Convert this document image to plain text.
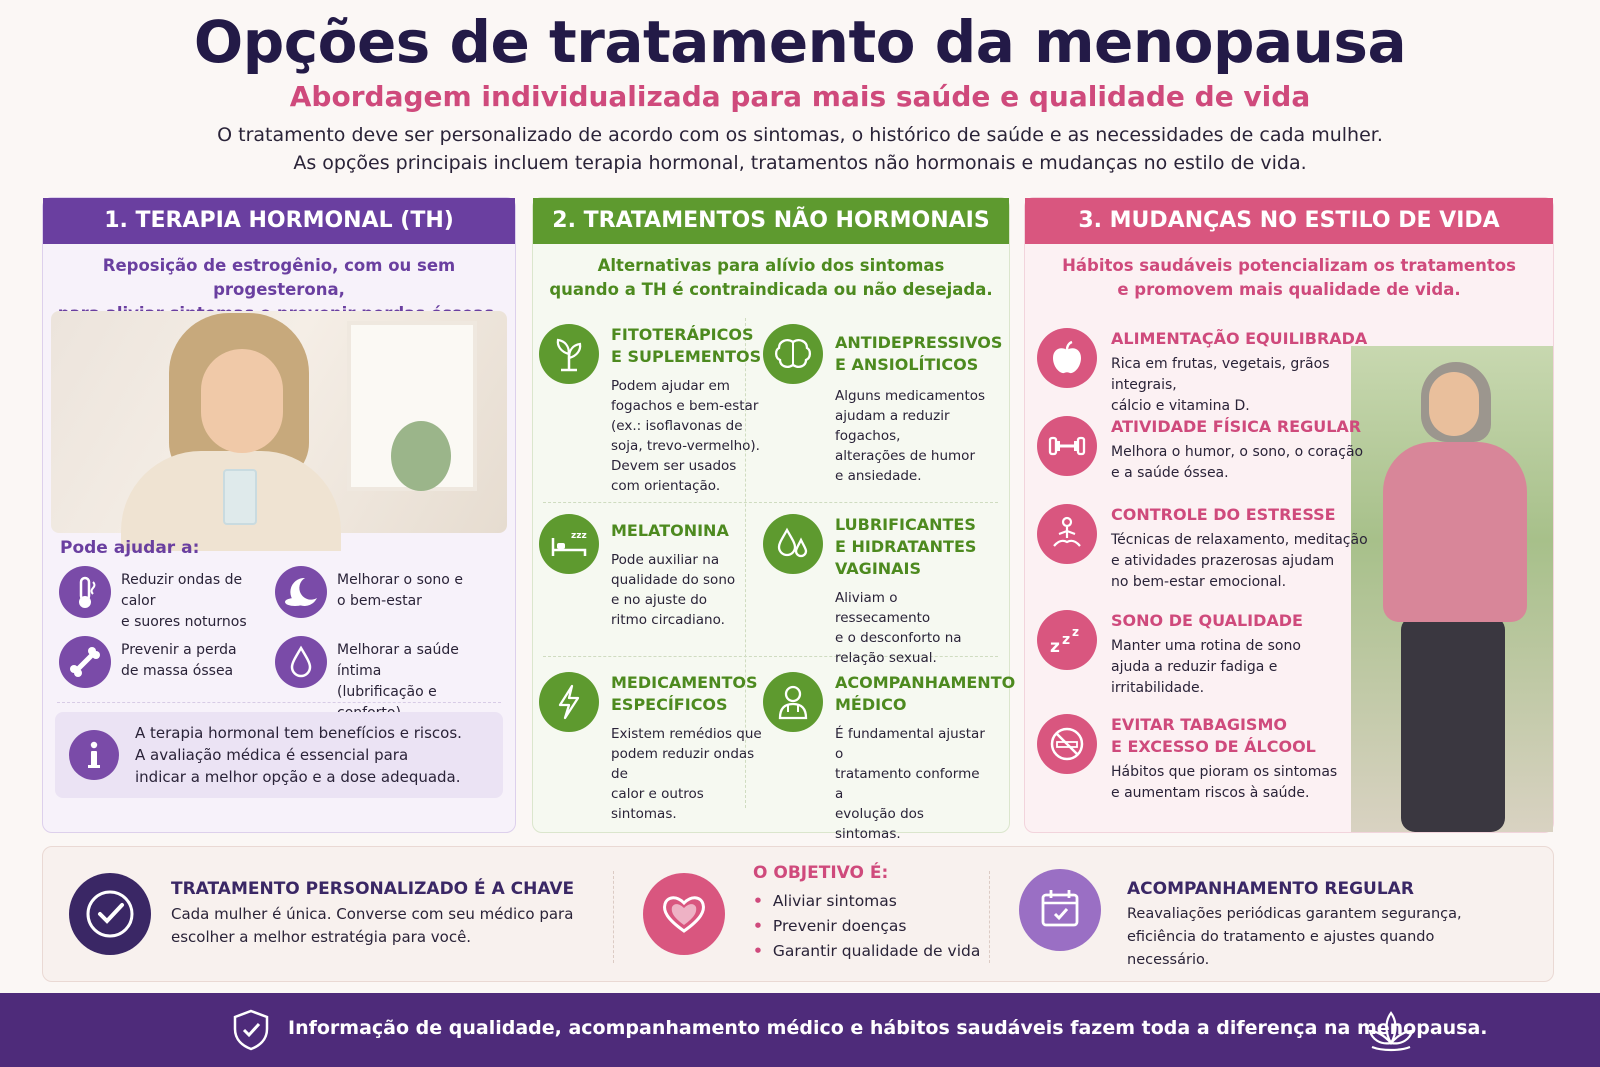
Opções de tratamento da menopausa
Abordagem individualizada para mais saúde e qualidade de vida

O tratamento deve ser personalizado de acordo com os sintomas, o histórico de saúde e as necessidades de cada mulher.

As opções principais incluem terapia hormonal, tratamentos não hormonais e mudanças no estilo de vida.

1. TERAPIA HORMONAL (TH)
Reposição de estrogênio, com ou sem progesterona,
Pode ajudar a:
Reduzir ondas de calor
e suores noturnos
Melhorar o sono e
o bem-estar
Prevenir a perda
de massa óssea
Melhorar a saúde íntima
(lubrificação e
A terapia hormonal tem benefícios e riscos.
A avaliação médica é essencial para
indicar a melhor opção e a dose adequada.
2. TRATAMENTOS NÃO HORMONAIS
Alternativas para alívio dos sintomas
quando a TH é contraindicada ou não desejada.
FITOTERÁPICOS
E SUPLEMENTOS
Podem ajudar em
fogachos e bem-estar
(ex.: isoflavonas de
soja, trevo-vermelho).
Devem ser usados
com orientação.
ANTIDEPRESSIVOS
E ANSIOLÍTICOS
Alguns medicamentos
ajudam a reduzir fogachos,
alterações de humor
e ansiedade.
zzz MELATONINA
Pode auxiliar na
qualidade do sono
e no ajuste do
ritmo circadiano.
LUBRIFICANTES
E HIDRATANTES
VAGINAIS
Aliviam o ressecamento
e o desconforto na
relação sexual.
MEDICAMENTOS
ESPECÍFICOS
Existem remédios que
podem reduzir ondas de
calor e outros sintomas.
ACOMPANHAMENTO
MÉDICO
É fundamental ajustar o
tratamento conforme a
evolução dos sintomas.
3. MUDANÇAS NO ESTILO DE VIDA
Hábitos saudáveis potencializam os tratamentos
e promovem mais qualidade de vida.
ALIMENTAÇÃO EQUILIBRADA
Rica em frutas, vegetais, grãos integrais,
cálcio e vitamina D.
ATIVIDADE FÍSICA REGULAR
Melhora o humor, o sono, o coração
e a saúde óssea.
CONTROLE DO ESTRESSE
Técnicas de relaxamento, meditação
e atividades prazerosas ajudam
no bem-estar emocional.
z z z
SONO DE QUALIDADE
Manter uma rotina de sono
ajuda a reduzir fadiga e
irritabilidade.
EVITAR TABAGISMO
E EXCESSO DE ÁLCOOL
Hábitos que pioram os sintomas
e aumentam riscos à saúde.
TRATAMENTO PERSONALIZADO É A CHAVE
Cada mulher é única. Converse com seu médico para
escolher a melhor estratégia para você.
O OBJETIVO É:
• Aliviar sintomas
• Prevenir doenças
• Garantir qualidade de vida
ACOMPANHAMENTO REGULAR
Reavaliações periódicas garantem segurança,
eficiência do tratamento e ajustes quando
necessário.
Informação de qualidade, acompanhamento médico e hábitos saudáveis fazem toda a diferença na menopausa.
